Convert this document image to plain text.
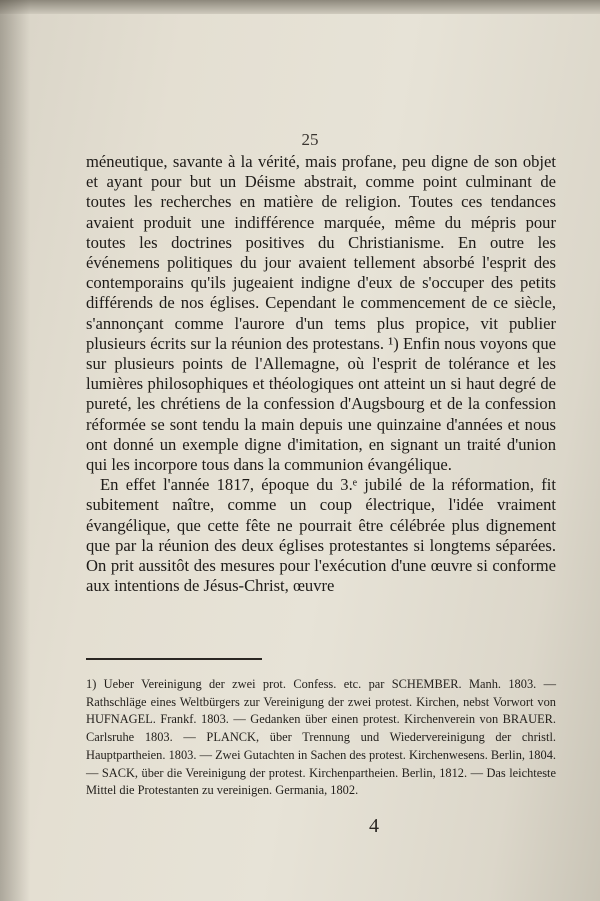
25

méneutique, savante à la vérité, mais profane, peu digne de son objet et ayant pour but un Déisme abstrait, comme point culminant de toutes les recherches en matière de religion. Toutes ces tendances avaient produit une indifférence marquée, même du mépris pour toutes les doctrines positives du Christianisme. En outre les événemens politiques du jour avaient tellement absorbé l'esprit des contemporains qu'ils jugeaient indigne d'eux de s'occuper des petits différends de nos églises. Cependant le commencement de ce siècle, s'annonçant comme l'aurore d'un tems plus propice, vit publier plusieurs écrits sur la réunion des protestans. ¹) Enfin nous voyons que sur plusieurs points de l'Allemagne, où l'esprit de tolérance et les lumières philosophiques et théologiques ont atteint un si haut degré de pureté, les chrétiens de la confession d'Augsbourg et de la confession réformée se sont tendu la main depuis une quinzaine d'années et nous ont donné un exemple digne d'imitation, en signant un traité d'union qui les incorpore tous dans la communion évangélique.

En effet l'année 1817, époque du 3.ᵉ jubilé de la réformation, fit subitement naître, comme un coup électrique, l'idée vraiment évangélique, que cette fête ne pourrait être célébrée plus dignement que par la réunion des deux églises protestantes si longtems séparées. On prit aussitôt des mesures pour l'exécution d'une œuvre si conforme aux intentions de Jésus-Christ, œuvre

1) Ueber Vereinigung der zwei prot. Confess. etc. par SCHEMBER. Manh. 1803. — Rathschläge eines Weltbürgers zur Vereinigung der zwei protest. Kirchen, nebst Vorwort von HUFNAGEL. Frankf. 1803. — Gedanken über einen protest. Kirchenverein von BRAUER. Carlsruhe 1803. — PLANCK, über Trennung und Wiedervereinigung der christl. Hauptpartheien. 1803. — Zwei Gutachten in Sachen des protest. Kirchenwesens. Berlin, 1804. — SACK, über die Vereinigung der protest. Kirchenpartheien. Berlin, 1812. — Das leichteste Mittel die Protestanten zu vereinigen. Germania, 1802.
4
